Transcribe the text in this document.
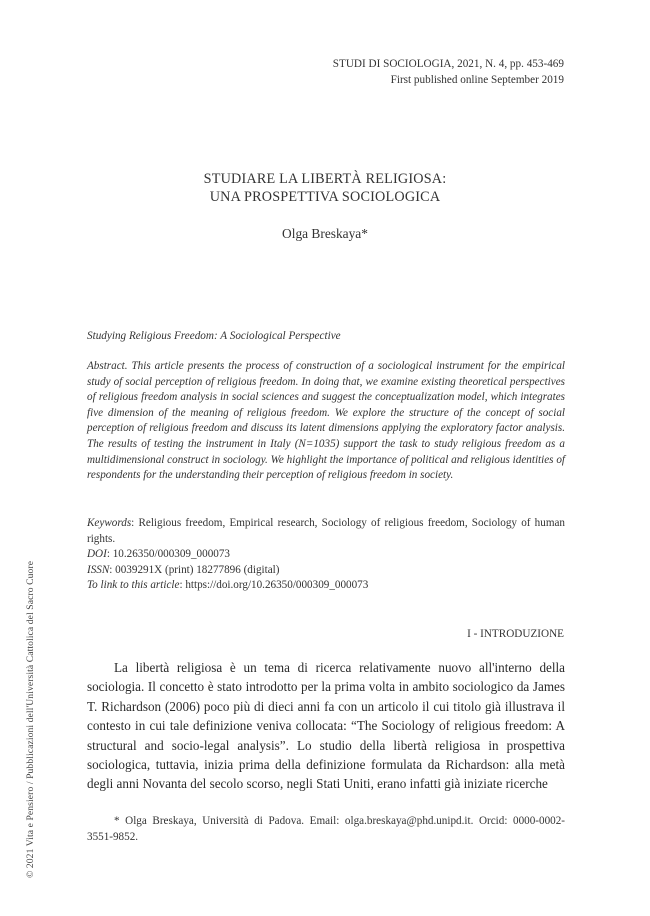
STUDI DI SOCIOLOGIA, 2021, N. 4, pp. 453-469
First published online September 2019
© 2021 Vita e Pensiero / Pubblicazioni dell'Università Cattolica del Sacro Cuore
STUDIARE LA LIBERTÀ RELIGIOSA:
UNA PROSPETTIVA SOCIOLOGICA
Olga Breskaya*
Studying Religious Freedom: A Sociological Perspective
Abstract. This article presents the process of construction of a sociological instrument for the empirical study of social perception of religious freedom. In doing that, we examine existing theoretical perspectives of religious freedom analysis in social sciences and suggest the conceptualization model, which integrates five dimension of the meaning of religious freedom. We explore the structure of the concept of social perception of religious freedom and discuss its latent dimensions applying the exploratory factor analysis. The results of testing the instrument in Italy (N=1035) support the task to study religious freedom as a multidimensional construct in sociology. We highlight the importance of political and religious identities of respondents for the understanding their perception of religious freedom in society.
Keywords: Religious freedom, Empirical research, Sociology of religious freedom, Sociology of human rights.
DOI: 10.26350/000309_000073
ISSN: 0039291X (print) 18277896 (digital)
To link to this article: https://doi.org/10.26350/000309_000073
I - INTRODUZIONE
La libertà religiosa è un tema di ricerca relativamente nuovo all'interno della sociologia. Il concetto è stato introdotto per la prima volta in ambito sociologico da James T. Richardson (2006) poco più di dieci anni fa con un articolo il cui titolo già illustrava il contesto in cui tale definizione veniva collocata: “The Sociology of religious freedom: A structural and socio-legal analysis”. Lo studio della libertà religiosa in prospettiva sociologica, tuttavia, inizia prima della definizione formulata da Richardson: alla metà degli anni Novanta del secolo scorso, negli Stati Uniti, erano infatti già iniziate ricerche
* Olga Breskaya, Università di Padova. Email: olga.breskaya@phd.unipd.it. Orcid: 0000-0002-3551-9852.
